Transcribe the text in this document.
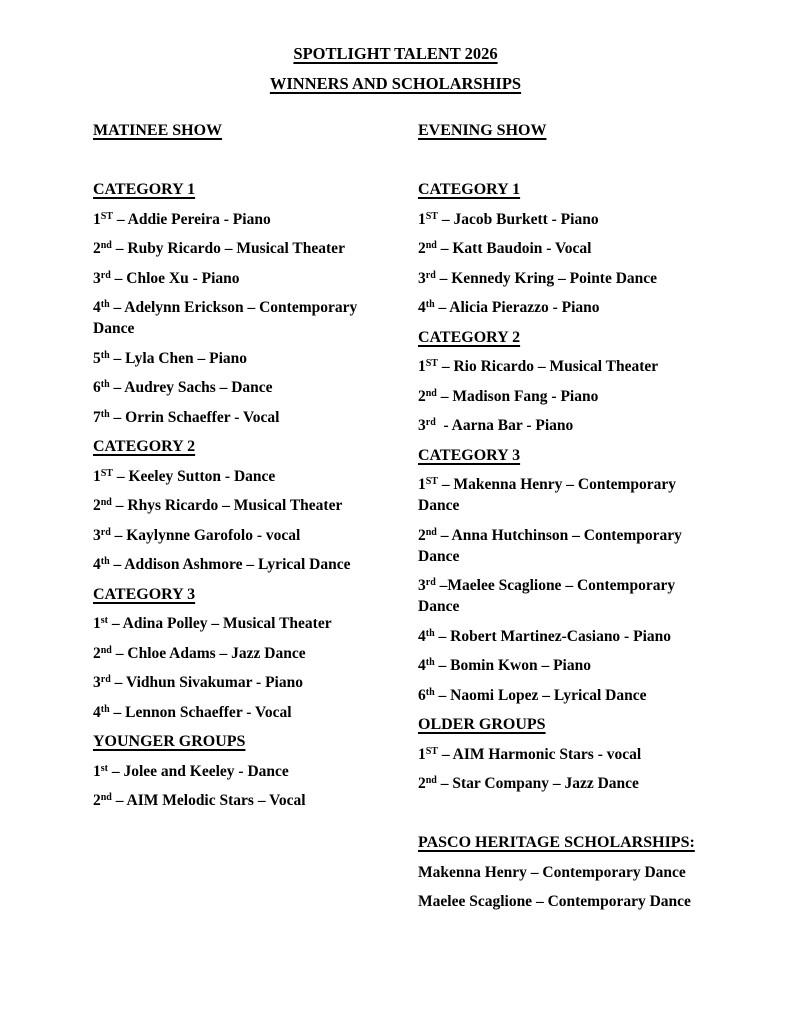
SPOTLIGHT TALENT 2026

WINNERS AND SCHOLARSHIPS

MATINEE SHOW

CATEGORY 1

1ST – Addie Pereira - Piano

2nd – Ruby Ricardo – Musical Theater

3rd – Chloe Xu - Piano

4th – Adelynn Erickson – Contemporary Dance

5th – Lyla Chen – Piano

6th – Audrey Sachs – Dance

7th – Orrin Schaeffer - Vocal

CATEGORY 2

1ST – Keeley Sutton - Dance

2nd – Rhys Ricardo – Musical Theater

3rd – Kaylynne Garofolo - vocal

4th – Addison Ashmore – Lyrical Dance

CATEGORY 3

1st – Adina Polley – Musical Theater

2nd – Chloe Adams – Jazz Dance

3rd – Vidhun Sivakumar - Piano

4th – Lennon Schaeffer - Vocal

YOUNGER GROUPS

1st – Jolee and Keeley - Dance

2nd – AIM Melodic Stars – Vocal

EVENING SHOW

CATEGORY 1

1ST – Jacob Burkett - Piano

2nd – Katt Baudoin - Vocal

3rd – Kennedy Kring – Pointe Dance

4th – Alicia Pierazzo - Piano

CATEGORY 2

1ST – Rio Ricardo – Musical Theater

2nd – Madison Fang - Piano

3rd  - Aarna Bar - Piano

CATEGORY 3

1ST – Makenna Henry – Contemporary Dance

2nd – Anna Hutchinson – Contemporary Dance

3rd –Maelee Scaglione – Contemporary Dance

4th – Robert Martinez-Casiano - Piano

4th – Bomin Kwon – Piano

6th – Naomi Lopez – Lyrical Dance

OLDER GROUPS

1ST – AIM Harmonic Stars - vocal

2nd – Star Company – Jazz Dance

PASCO HERITAGE SCHOLARSHIPS:

Makenna Henry – Contemporary Dance

Maelee Scaglione – Contemporary Dance
